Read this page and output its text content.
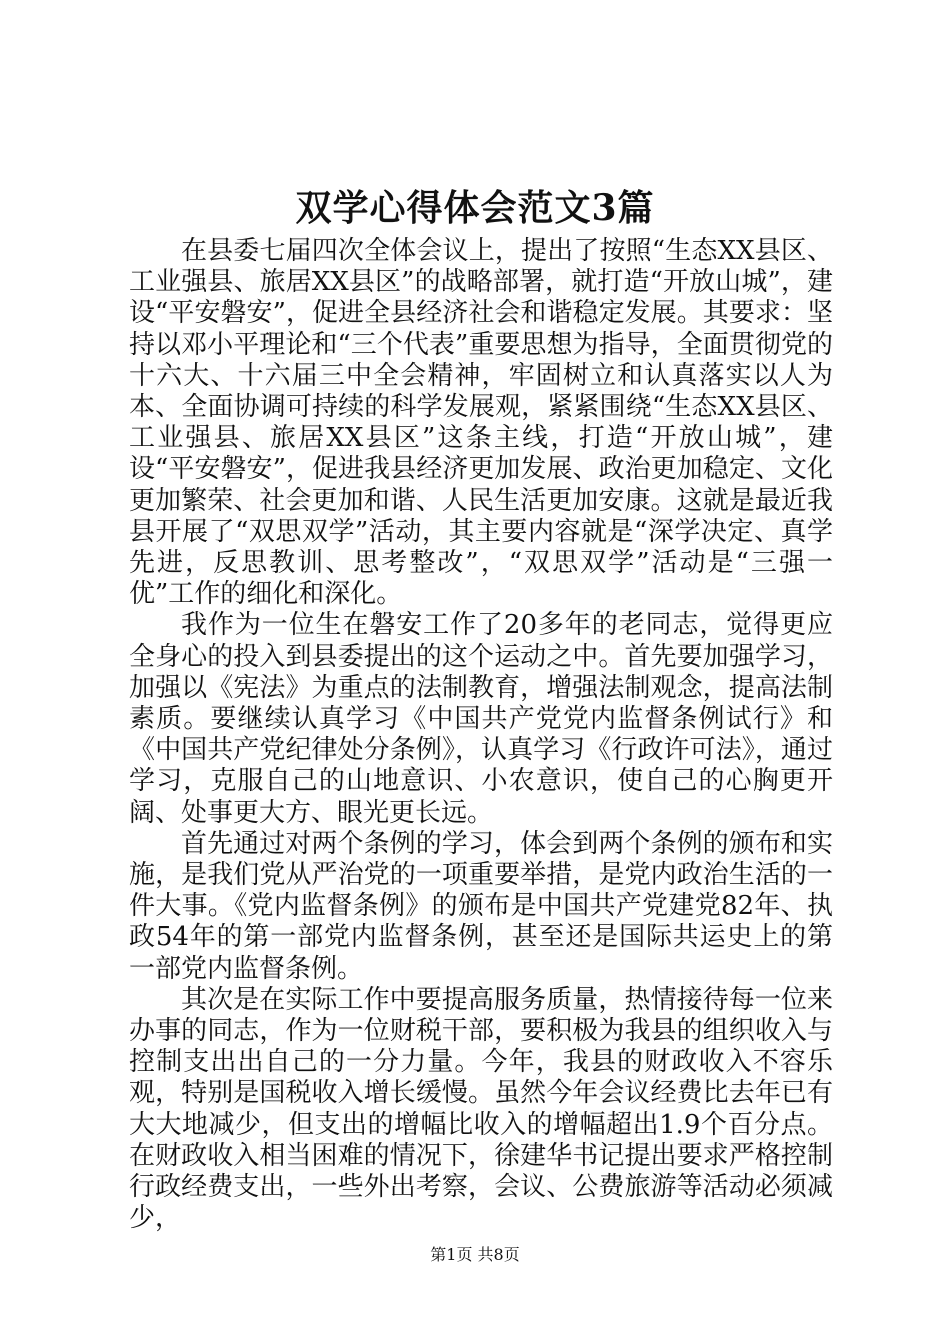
双学心得体会范文3篇

在县委七届四次全体会议上，提出了按照“生态XX县区、工业强县、旅居XX县区”的战略部署，就打造“开放山城”，建设“平安磐安”，促进全县经济社会和谐稳定发展。其要求：坚持以邓小平理论和“三个代表”重要思想为指导，全面贯彻党的十六大、十六届三中全会精神，牢固树立和认真落实以人为本、全面协调可持续的科学发展观，紧紧围绕“生态XX县区、工业强县、旅居XX县区”这条主线，打造“开放山城”，建设“平安磐安”，促进我县经济更加发展、政治更加稳定、文化更加繁荣、社会更加和谐、人民生活更加安康。这就是最近我县开展了“双思双学”活动，其主要内容就是“深学决定、真学先进，反思教训、思考整改”，“双思双学”活动是“三强一优”工作的细化和深化。

我作为一位生在磐安工作了20多年的老同志，觉得更应全身心的投入到县委提出的这个运动之中。首先要加强学习，加强以《宪法》为重点的法制教育，增强法制观念，提高法制素质。要继续认真学习《中国共产党党内监督条例试行》和《中国共产党纪律处分条例》，认真学习《行政许可法》，通过学习，克服自己的山地意识、小农意识，使自己的心胸更开阔、处事更大方、眼光更长远。

首先通过对两个条例的学习，体会到两个条例的颁布和实施，是我们党从严治党的一项重要举措，是党内政治生活的一件大事。《党内监督条例》的颁布是中国共产党建党82年、执政54年的第一部党内监督条例，甚至还是国际共运史上的第一部党内监督条例。

其次是在实际工作中要提高服务质量，热情接待每一位来办事的同志，作为一位财税干部，要积极为我县的组织收入与控制支出出自己的一分力量。今年，我县的财政收入不容乐观，特别是国税收入增长缓慢。虽然今年会议经费比去年已有大大地减少，但支出的增幅比收入的增幅超出1.9个百分点。在财政收入相当困难的情况下，徐建华书记提出要求严格控制行政经费支出，一些外出考察，会议、公费旅游等活动必须减少，

第1页 共8页
